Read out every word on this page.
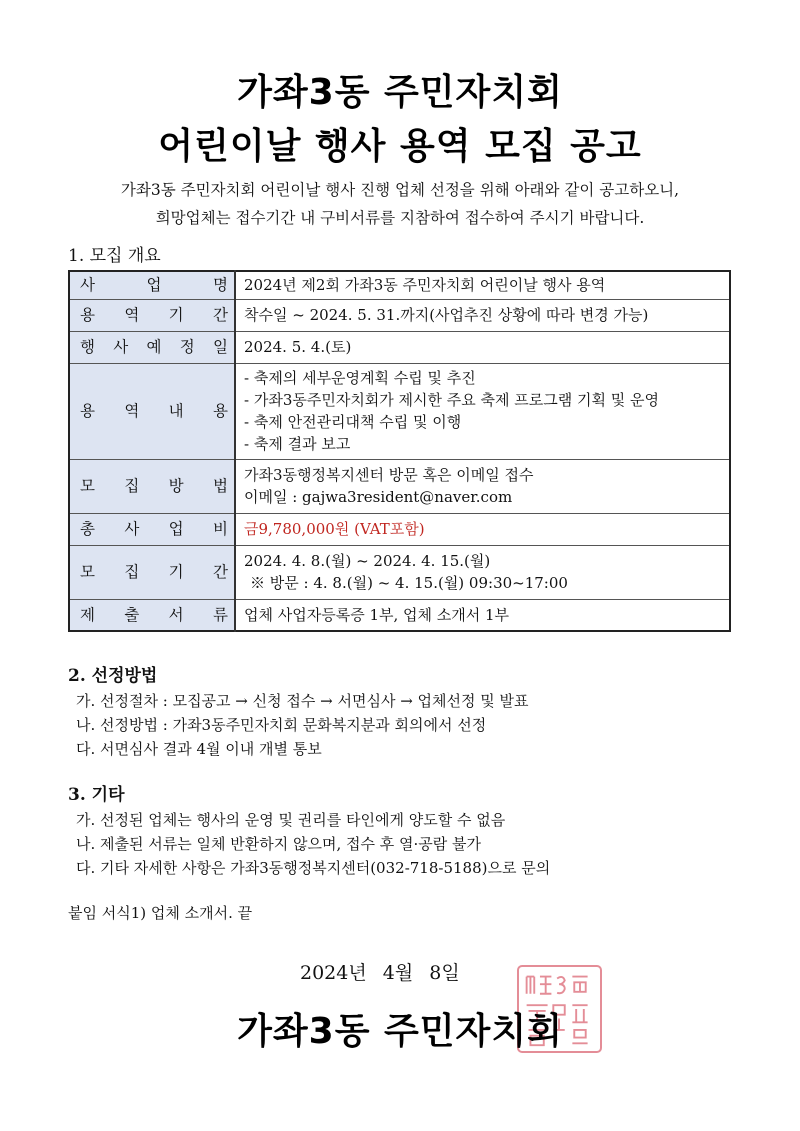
가좌3동 주민자치회
어린이날 행사 용역 모집 공고
가좌3동 주민자치회 어린이날 행사 진행 업체 선정을 위해 아래와 같이 공고하오니,
희망업체는 접수기간 내 구비서류를 지참하여 접수하여 주시기 바랍니다.
1. 모집 개요
사 업 명	2024년 제2회 가좌3동 주민자치회 어린이날 행사 용역

용 역 기 간	착수일 ~ 2024. 5. 31.까지(사업추진 상황에 따라 변경 가능)

행 사 예 정 일	2024. 5. 4.(토)

용 역 내 용	- 축제의 세부운영계획 수립 및 추진
- 가좌3동주민자치회가 제시한 주요 축제 프로그램 기획 및 운영
- 축제 안전관리대책 수립 및 이행
- 축제 결과 보고

모 집 방 법	가좌3동행정복지센터 방문 혹은 이메일 접수
이메일 : gajwa3resident@naver.com

총 사 업 비	금9,780,000원 (VAT포함)

모 집 기 간	2024. 4. 8.(월) ~ 2024. 4. 15.(월)
※ 방문 : 4. 8.(월) ~ 4. 15.(월) 09:30~17:00

제 출 서 류	업체 사업자등록증 1부, 업체 소개서 1부
2. 선정방법
가. 선정절차 : 모집공고 → 신청 접수 → 서면심사 → 업체선정 및 발표
나. 선정방법 : 가좌3동주민자치회 문화복지분과 회의에서 선정
다. 서면심사 결과 4월 이내 개별 통보
3. 기타
가. 선정된 업체는 행사의 운영 및 권리를 타인에게 양도할 수 없음
나. 제출된 서류는 일체 반환하지 않으며, 접수 후 열·공람 불가
다. 기타 자세한 사항은 가좌3동행정복지센터(032-718-5188)으로 문의
붙임 서식1) 업체 소개서. 끝
2024년 4월 8일
가좌3동 주민자치회
